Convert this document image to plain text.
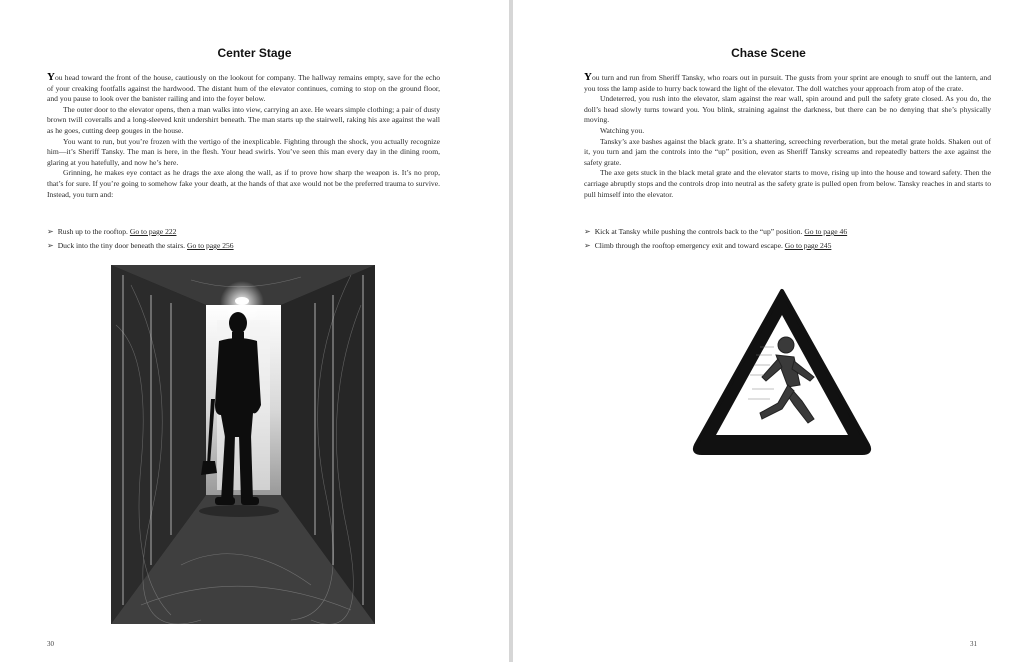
Center Stage

You head toward the front of the house, cautiously on the lookout for company. The hallway remains empty, save for the echo of your creaking footfalls against the hardwood. The distant hum of the elevator continues, coming to stop on the ground floor, and you pause to look over the banister railing and into the foyer below.

The outer door to the elevator opens, then a man walks into view, carrying an axe. He wears simple clothing; a pair of dusty brown twill coveralls and a long-sleeved knit undershirt beneath. The man starts up the stairwell, raking his axe against the wall as he goes, cutting deep gouges in the house.

You want to run, but you’re frozen with the vertigo of the inexplicable. Fighting through the shock, you actually recognize him—it’s Sheriff Tansky. The man is here, in the flesh. Your head swirls. You’ve seen this man every day in the dining room, glaring at you hatefully, and now he’s here.

Grinning, he makes eye contact as he drags the axe along the wall, as if to prove how sharp the weapon is. It’s no prop, that’s for sure. If you’re going to somehow fake your death, at the hands of that axe would not be the preferred trauma to survive. Instead, you turn and:

➢ Rush up to the rooftop. Go to page 222
➢ Duck into the tiny door beneath the stairs. Go to page 256
30
Chase Scene

You turn and run from Sheriff Tansky, who roars out in pursuit. The gusts from your sprint are enough to snuff out the lantern, and you toss the lamp aside to hurry back toward the light of the elevator. The doll watches your approach from atop of the crate.

Undeterred, you rush into the elevator, slam against the rear wall, spin around and pull the safety grate closed. As you do, the doll’s head slowly turns toward you. You blink, straining against the darkness, but there can be no denying that she’s physically moving.

Watching you.

Tansky’s axe bashes against the black grate. It’s a shattering, screeching reverberation, but the metal grate holds. Shaken out of it, you turn and jam the controls into the “up” position, even as Sheriff Tansky screams and repeatedly batters the axe against the safety grate.

The axe gets stuck in the black metal grate and the elevator starts to move, rising up into the house and toward safety. Then the carriage abruptly stops and the controls drop into neutral as the safety grate is pulled open from below. Tansky reaches in and starts to pull himself into the elevator.

➢ Kick at Tansky while pushing the controls back to the “up” position. Go to page 46
➢ Climb through the rooftop emergency exit and toward escape. Go to page 245
31
